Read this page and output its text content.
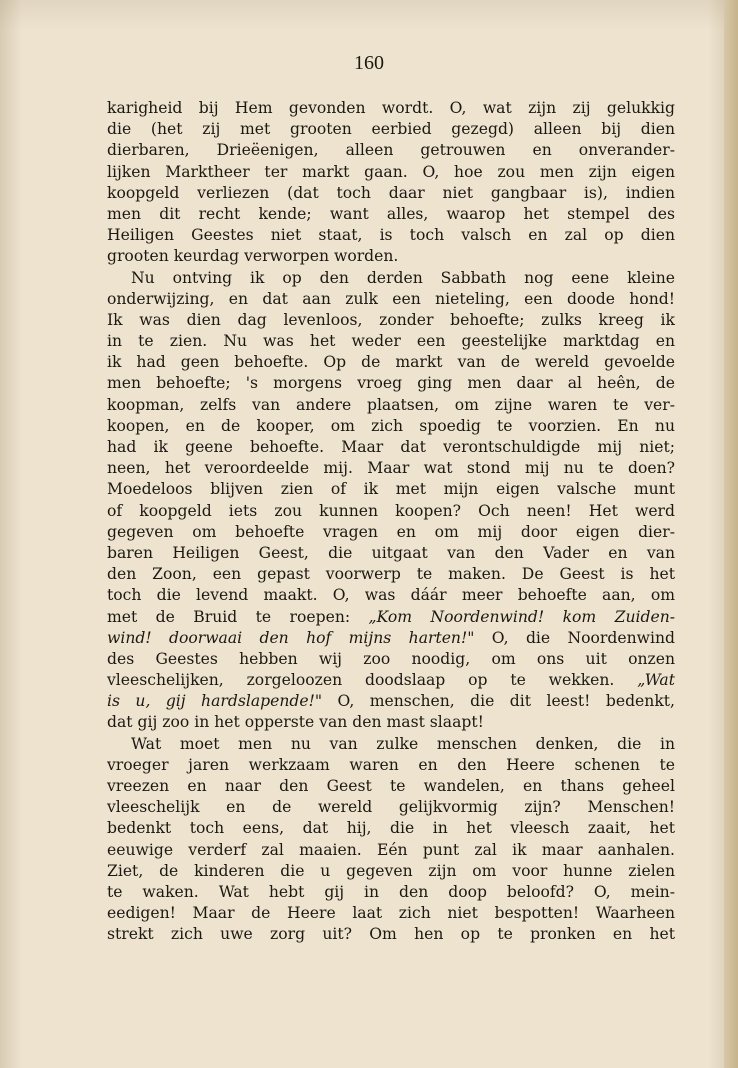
160
karigheid bij Hem gevonden wordt. O, wat zijn zij gelukkig
die (het zij met grooten eerbied gezegd) alleen bij dien
dierbaren, Drieëenigen, alleen getrouwen en onverander-
lijken Marktheer ter markt gaan. O, hoe zou men zijn eigen
koopgeld verliezen (dat toch daar niet gangbaar is), indien
men dit recht kende; want alles, waarop het stempel des
Heiligen Geestes niet staat, is toch valsch en zal op dien
grooten keurdag verworpen worden.
Nu ontving ik op den derden Sabbath nog eene kleine
onderwijzing, en dat aan zulk een nieteling, een doode hond!
Ik was dien dag levenloos, zonder behoefte; zulks kreeg ik
in te zien. Nu was het weder een geestelijke marktdag en
ik had geen behoefte. Op de markt van de wereld gevoelde
men behoefte; 's morgens vroeg ging men daar al heên, de
koopman, zelfs van andere plaatsen, om zijne waren te ver-
koopen, en de kooper, om zich spoedig te voorzien. En nu
had ik geene behoefte. Maar dat verontschuldigde mij niet;
neen, het veroordeelde mij. Maar wat stond mij nu te doen?
Moedeloos blijven zien of ik met mijn eigen valsche munt
of koopgeld iets zou kunnen koopen? Och neen! Het werd
gegeven om behoefte vragen en om mij door eigen dier-
baren Heiligen Geest, die uitgaat van den Vader en van
den Zoon, een gepast voorwerp te maken. De Geest is het
toch die levend maakt. O, was dáár meer behoefte aan, om
met de Bruid te roepen: „Kom Noordenwind! kom Zuiden-
wind! doorwaai den hof mijns harten!" O, die Noordenwind
des Geestes hebben wij zoo noodig, om ons uit onzen
vleeschelijken, zorgeloozen doodslaap op te wekken. „Wat
is u, gij hardslapende!" O, menschen, die dit leest! bedenkt,
dat gij zoo in het opperste van den mast slaapt!
Wat moet men nu van zulke menschen denken, die in
vroeger jaren werkzaam waren en den Heere schenen te
vreezen en naar den Geest te wandelen, en thans geheel
vleeschelijk en de wereld gelijkvormig zijn? Menschen!
bedenkt toch eens, dat hij, die in het vleesch zaait, het
eeuwige verderf zal maaien. Eén punt zal ik maar aanhalen.
Ziet, de kinderen die u gegeven zijn om voor hunne zielen
te waken. Wat hebt gij in den doop beloofd? O, mein-
eedigen! Maar de Heere laat zich niet bespotten! Waarheen
strekt zich uwe zorg uit? Om hen op te pronken en het
